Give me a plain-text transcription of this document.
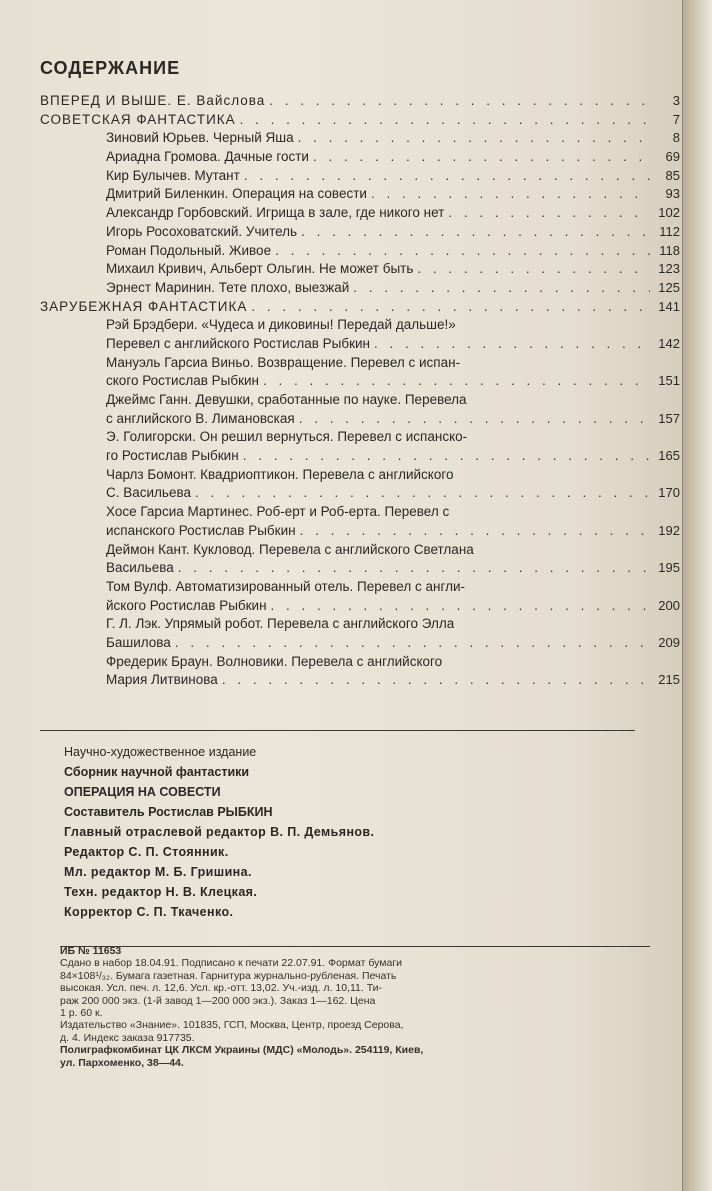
СОДЕРЖАНИЕ
ВПЕРЕД И ВЫШЕ. Е. Вайслова . . .	3
СОВЕТСКАЯ ФАНТАСТИКА . . .	7
Зиновий Юрьев. Черный Яша . . .	8
Ариадна Громова. Дачные гости . . .	69
Кир Булычев. Мутант . . .	85
Дмитрий Биленкин. Операция на совести . . .	93
Александр Горбовский. Игрища в зале, где никого нет . . .	102
Игорь Росоховатский. Учитель . . .	112
Роман Подольный. Живое . . .	118
Михаил Кривич, Альберт Ольгин. Не может быть . . .	123
Эрнест Маринин. Тете плохо, выезжай . . .	125
ЗАРУБЕЖНАЯ ФАНТАСТИКА . . .	141
Рэй Брэдбери. «Чудеса и диковины! Передай дальше!»
Перевел с английского Ростислав Рыбкин . . .	142
Мануэль Гарсиа Виньо. Возвращение. Перевел с испан-
ского Ростислав Рыбкин . . .	151
Джеймс Ганн. Девушки, сработанные по науке. Перевела
с английского В. Лимановская . . .	157
Э. Голигорски. Он решил вернуться. Перевел с испанско-
го Ростислав Рыбкин . . .	165
Чарлз Бомонт. Квадриоптикон. Перевела с английского
С. Васильева . . .	170
Хосе Гарсиа Мартинес. Роб-ерт и Роб-ерта. Перевел с
испанского Ростислав Рыбкин . . .	192
Деймон Кант. Кукловод. Перевела с английского Светлана
Васильева . . .	195
Том Вулф. Автоматизированный отель. Перевел с англи-
йского Ростислав Рыбкин . . .	200
Г. Л. Лэк. Упрямый робот. Перевела с английского Элла
Башилова . . .	209
Фредерик Браун. Волновики. Перевела с английского
Мария Литвинова . . .	215
Научно-художественное издание
Сборник научной фантастики
ОПЕРАЦИЯ НА СОВЕСТИ
Составитель Ростислав РЫБКИН
Главный отраслевой редактор В. П. Демьянов.
Редактор С. П. Стоянник.
Мл. редактор М. Б. Гришина.
Техн. редактор Н. В. Клецкая.
Корректор С. П. Ткаченко.
ИБ № 11653
Сдано в набор 18.04.91. Подписано к печати 22.07.91. Формат бумаги
84×108¹/₃₂. Бумага газетная. Гарнитура журнально-рубленая. Печать
высокая. Усл. печ. л. 12,6. Усл. кр.-отт. 13,02. Уч.-изд. л. 10,11. Ти-
раж 200 000 экз. (1-й завод 1—200 000 экз.). Заказ 1—162. Цена
1 р. 60 к.
Издательство «Знание». 101835, ГСП, Москва, Центр, проезд Серова,
д. 4. Индекс заказа 917735.
Полиграфкомбинат ЦК ЛКСМ Украины (МДС) «Молодь». 254119, Киев,
ул. Пархоменко, 38—44.
